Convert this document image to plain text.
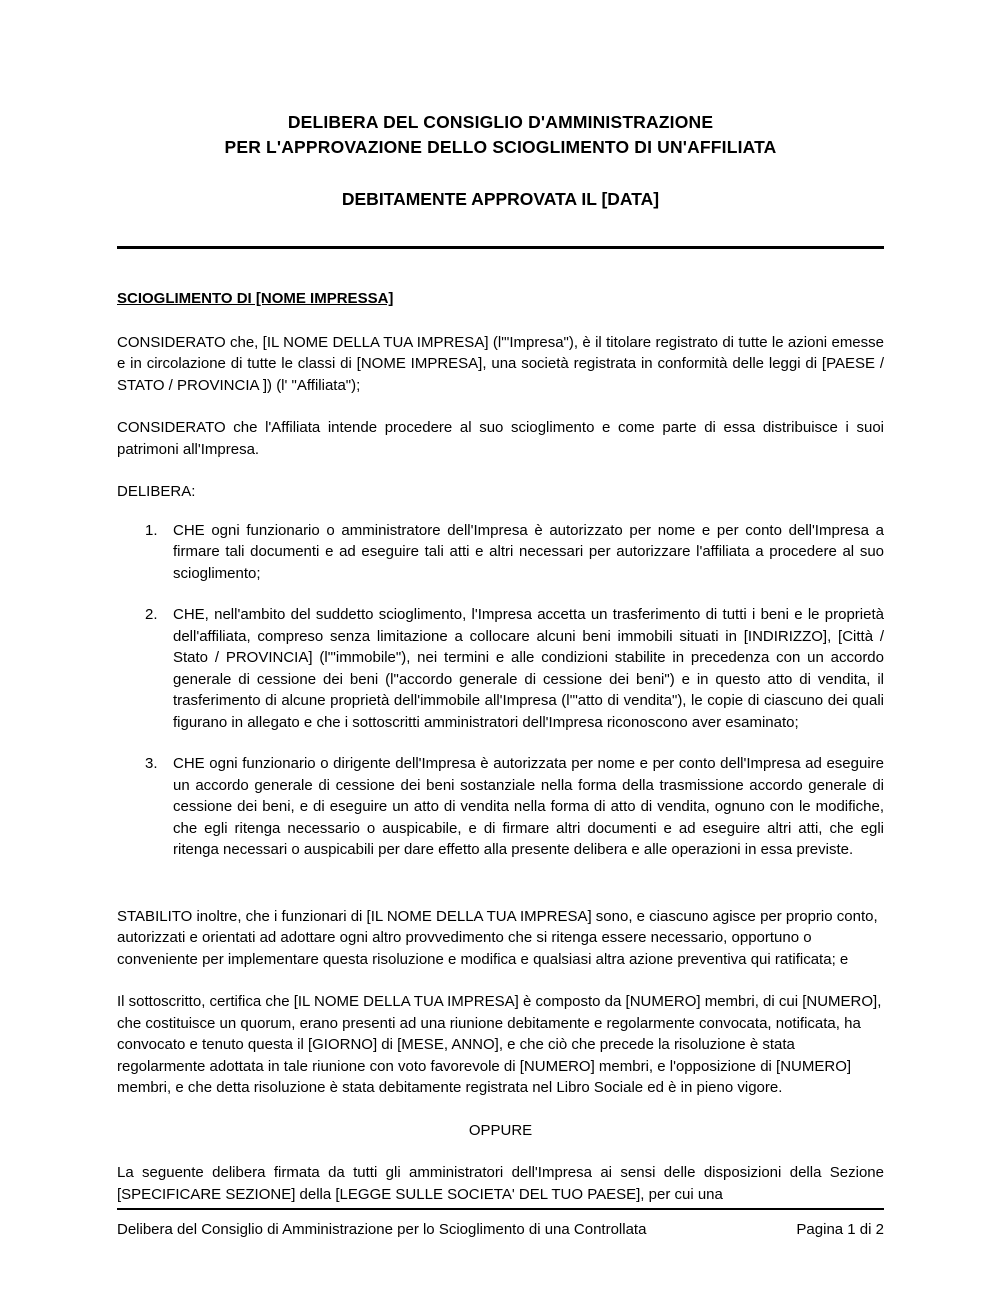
DELIBERA DEL CONSIGLIO D'AMMINISTRAZIONE
PER L'APPROVAZIONE DELLO SCIOGLIMENTO DI UN'AFFILIATA
DEBITAMENTE APPROVATA IL [DATA]
SCIOGLIMENTO DI [NOME IMPRESSA]

CONSIDERATO che, [IL NOME DELLA TUA IMPRESA] (l'"Impresa"), è il titolare registrato di tutte le azioni emesse e in circolazione di tutte le classi di [NOME IMPRESA], una società registrata in conformità delle leggi di [PAESE / STATO / PROVINCIA ]) (l' "Affiliata");

CONSIDERATO che l'Affiliata intende procedere al suo scioglimento e come parte di essa distribuisce i suoi patrimoni all'Impresa.

DELIBERA:

CHE ogni funzionario o amministratore dell'Impresa è autorizzato per nome e per conto dell'Impresa a firmare tali documenti e ad eseguire tali atti e altri necessari per autorizzare l'affiliata a procedere al suo scioglimento;
CHE, nell'ambito del suddetto scioglimento, l'Impresa accetta un trasferimento di tutti i beni e le proprietà dell'affiliata, compreso senza limitazione a collocare alcuni beni immobili situati in [INDIRIZZO], [Città / Stato / PROVINCIA] (l'"immobile"), nei termini e alle condizioni stabilite in precedenza con un accordo generale di cessione dei beni (l"accordo generale di cessione dei beni") e in questo atto di vendita, il trasferimento di alcune proprietà dell'immobile all'Impresa (l'"atto di vendita"), le copie di ciascuno dei quali figurano in allegato e che i sottoscritti amministratori dell'Impresa riconoscono aver esaminato;
CHE ogni funzionario o dirigente dell'Impresa è autorizzata per nome e per conto dell'Impresa ad eseguire un accordo generale di cessione dei beni sostanziale nella forma della trasmissione accordo generale di cessione dei beni, e di eseguire un atto di vendita nella forma di atto di vendita, ognuno con le modifiche, che egli ritenga necessario o auspicabile, e di firmare altri documenti e ad eseguire altri atti, che egli ritenga necessari o auspicabili per dare effetto alla presente delibera e alle operazioni in essa previste.

STABILITO inoltre, che i funzionari di [IL NOME DELLA TUA IMPRESA] sono, e ciascuno agisce per proprio conto, autorizzati e orientati ad adottare ogni altro provvedimento che si ritenga essere necessario, opportuno o conveniente per implementare questa risoluzione e modifica e qualsiasi altra azione preventiva qui ratificata; e

Il sottoscritto, certifica che [IL NOME DELLA TUA IMPRESA] è composto da [NUMERO] membri, di cui [NUMERO], che costituisce un quorum, erano presenti ad una riunione debitamente e regolarmente convocata, notificata, ha convocato e tenuto questa il [GIORNO] di [MESE, ANNO], e che ciò che precede la risoluzione è stata regolarmente adottata in tale riunione con voto favorevole di [NUMERO] membri, e l'opposizione di [NUMERO] membri, e che detta risoluzione è stata debitamente registrata nel Libro Sociale ed è in pieno vigore.

OPPURE

La seguente delibera firmata da tutti gli amministratori dell'Impresa ai sensi delle disposizioni della Sezione [SPECIFICARE SEZIONE] della [LEGGE SULLE SOCIETA' DEL TUO PAESE], per cui una

Delibera del Consiglio di Amministrazione per lo Scioglimento di una Controllata	Pagina 1 di 2
